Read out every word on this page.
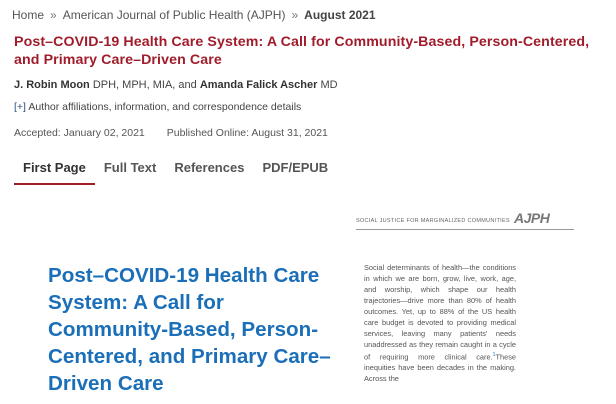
Home » American Journal of Public Health (AJPH) » August 2021
Post–COVID-19 Health Care System: A Call for Community-Based, Person-Centered, and Primary Care–Driven Care
J. Robin Moon DPH, MPH, MIA, and Amanda Falick Ascher MD
[+] Author affiliations, information, and correspondence details
Accepted: January 02, 2021 Published Online: August 31, 2021
First Page Full Text References PDF/EPUB
SOCIAL JUSTICE FOR MARGINALIZED COMMUNITIES AJPH
Post–COVID-19 Health Care System: A Call for Community-Based, Person-Centered, and Primary Care–Driven Care
Social determinants of health—the conditions in which we are born, grow, live, work, age, and worship, which shape our health trajectories—drive more than 80% of health outcomes. Yet, up to 88% of the US health care budget is devoted to providing medical services, leaving many patients' needs unaddressed as they remain caught in a cycle of requiring more clinical care.$^1$These inequities have been decades in the making. Across the
